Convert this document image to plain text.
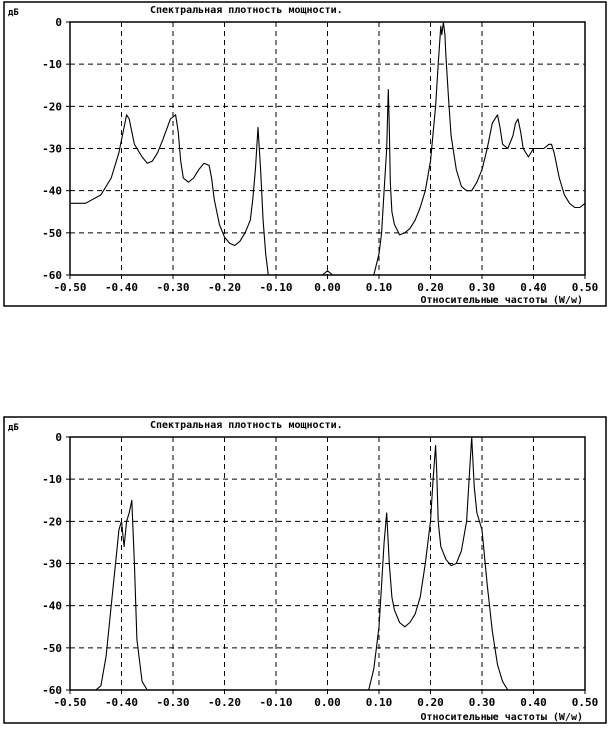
Спектральная плотность мощности.
дБ
-0.50 -0.40 -0.30 -0.20 -0.10 0.00 0.10 0.20 0.30 0.40 0.50
0
-10
-20
-30
-40
-50
-60
Относительные частоты (W/w)
Спектральная плотность мощности.
дБ
-0.50 -0.40 -0.30 -0.20 -0.10 0.00 0.10 0.20 0.30 0.40 0.50
0
-10
-20
-30
-40
-50
-60
Относительные частоты (W/w)
